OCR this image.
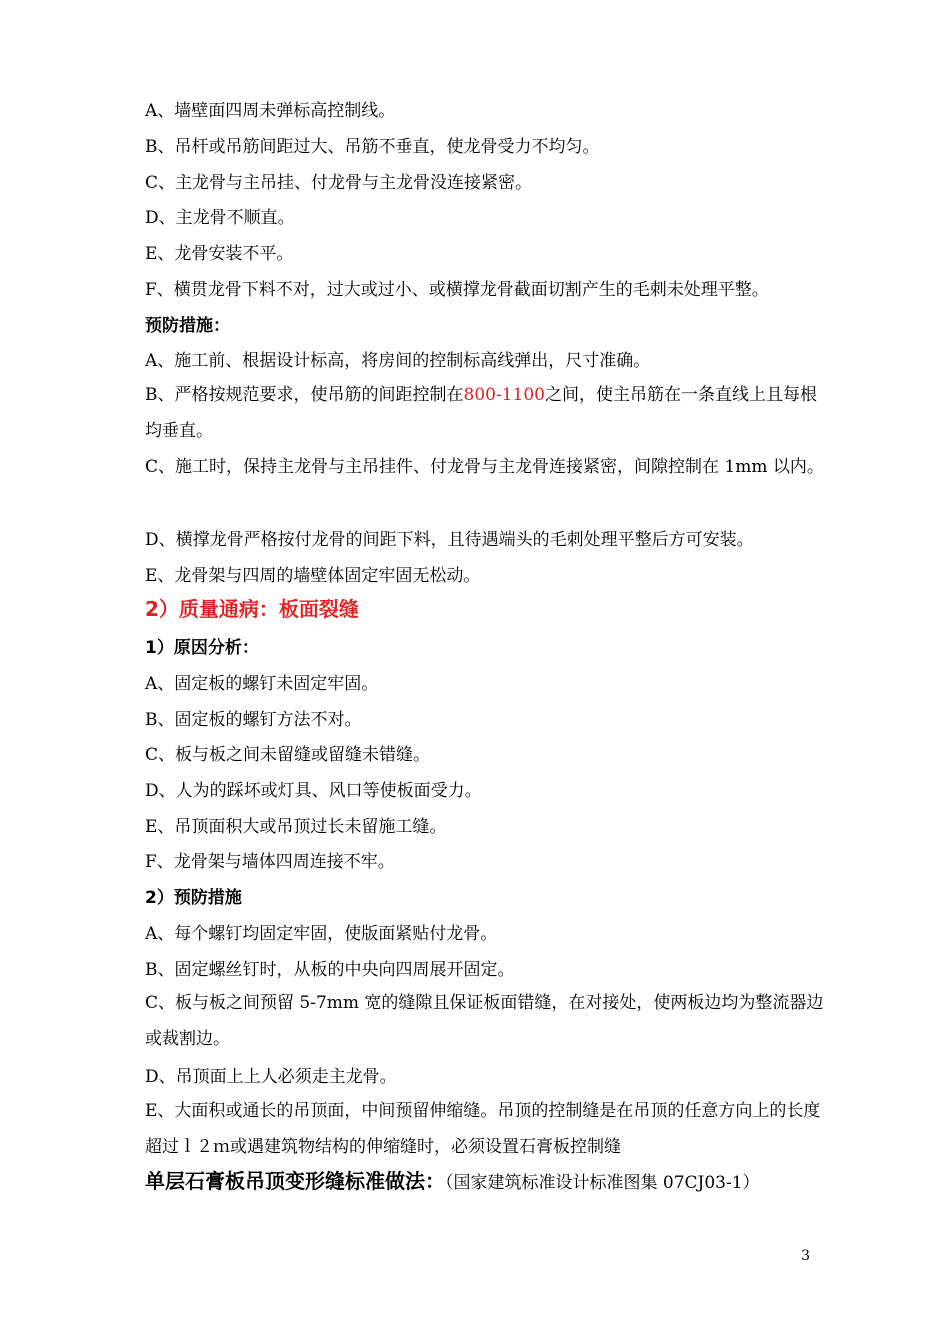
A、墙壁面四周未弹标高控制线。
B、吊杆或吊筋间距过大、吊筋不垂直，使龙骨受力不均匀。
C、主龙骨与主吊挂、付龙骨与主龙骨没连接紧密。
D、主龙骨不顺直。
E、龙骨安装不平。
F、横贯龙骨下料不对，过大或过小、或横撑龙骨截面切割产生的毛刺未处理平整。
预防措施：
A、施工前、根据设计标高，将房间的控制标高线弹出，尺寸准确。
B、严格按规范要求，使吊筋的间距控制在800-1100之间，使主吊筋在一条直线上且每根均垂直。
C、施工时，保持主龙骨与主吊挂件、付龙骨与主龙骨连接紧密，间隙控制在 1mm 以内。
D、横撑龙骨严格按付龙骨的间距下料，且待遇端头的毛刺处理平整后方可安装。
E、龙骨架与四周的墙壁体固定牢固无松动。
2）质量通病：板面裂缝
1）原因分析：
A、固定板的螺钉未固定牢固。
B、固定板的螺钉方法不对。
C、板与板之间未留缝或留缝未错缝。
D、人为的踩坏或灯具、风口等使板面受力。
E、吊顶面积大或吊顶过长未留施工缝。
F、龙骨架与墙体四周连接不牢。
2）预防措施
A、每个螺钉均固定牢固，使版面紧贴付龙骨。
B、固定螺丝钉时，从板的中央向四周展开固定。
C、板与板之间预留 5-7mm 宽的缝隙且保证板面错缝，在对接处，使两板边均为整流器边或裁割边。
D、吊顶面上上人必须走主龙骨。
E、大面积或通长的吊顶面，中间预留伸缩缝。吊顶的控制缝是在吊顶的任意方向上的长度超过ｌ２ｍ或遇建筑物结构的伸缩缝时，必须设置石膏板控制缝
单层石膏板吊顶变形缝标准做法：（国家建筑标准设计标准图集 07CJ03-1）
3
